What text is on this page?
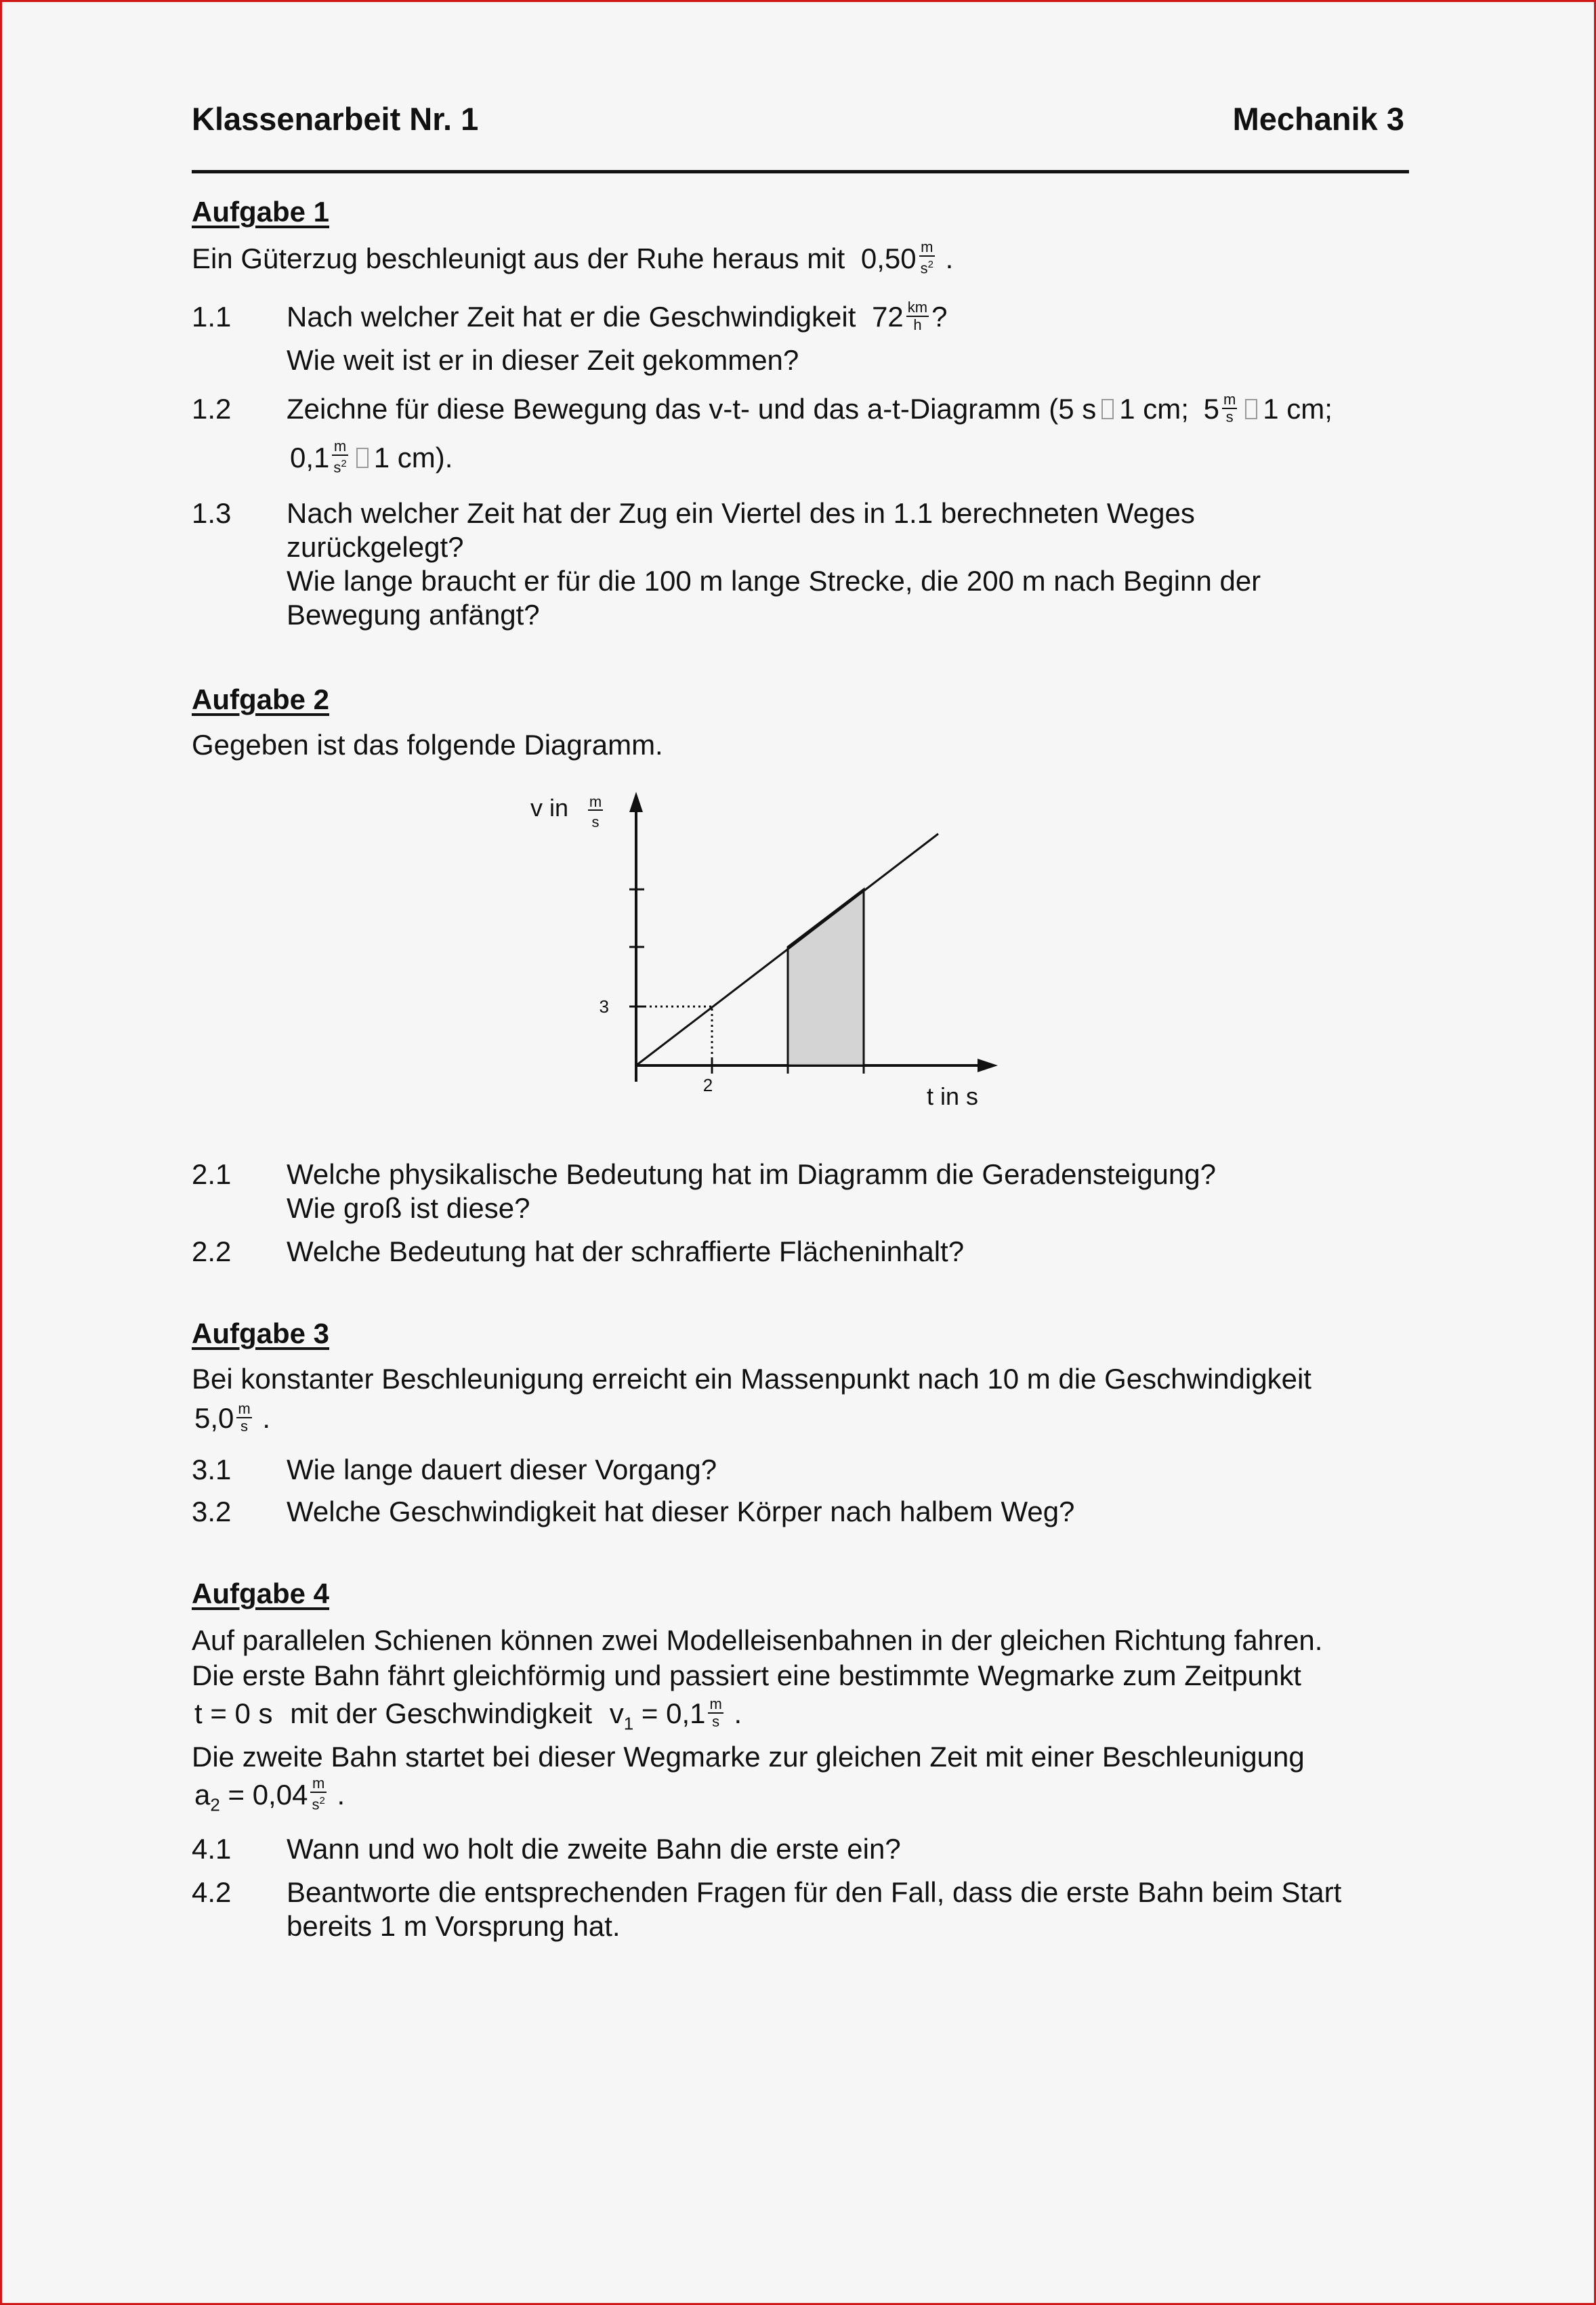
Klassenarbeit Nr. 1	Mechanik 3
Aufgabe 1
Ein Güterzug beschleunigt aus der Ruhe heraus mit $0,50 \frac{m}{s^2}$ .
1.1 Nach welcher Zeit hat er die Geschwindigkeit $72 \frac{km}{h}$ ?
Wie weit ist er in dieser Zeit gekommen?
1.2 Zeichne für diese Bewegung das v-t- und das a-t-Diagramm (5 s 1 cm; $5 \frac{m}{s} 1$ cm;
$0,1 \frac{m}{s^2} 1$ cm).
1.3 Nach welcher Zeit hat der Zug ein Viertel des in 1.1 berechneten Weges
zurückgelegt?
Wie lange braucht er für die 100 m lange Strecke, die 200 m nach Beginn der
Bewegung anfängt?
Aufgabe 2
Gegeben ist das folgende Diagramm.
v in m
s
3
2	t in s
2.1 Welche physikalische Bedeutung hat im Diagramm die Geradensteigung?
Wie groß ist diese?
2.2 Welche Bedeutung hat der schraffierte Flächeninhalt?
Aufgabe 3
Bei konstanter Beschleunigung erreicht ein Massenpunkt nach 10 m die Geschwindigkeit
$5,0 \frac{m}{s}$ .
3.1 Wie lange dauert dieser Vorgang?
3.2 Welche Geschwindigkeit hat dieser Körper nach halbem Weg?
Aufgabe 4
Auf parallelen Schienen können zwei Modelleisenbahnen in der gleichen Richtung fahren.
Die erste Bahn fährt gleichförmig und passiert eine bestimmte Wegmarke zum Zeitpunkt
t = 0 s mit der Geschwindigkeit $v_1 = 0,1 \frac{m}{s}$ .
Die zweite Bahn startet bei dieser Wegmarke zur gleichen Zeit mit einer Beschleunigung
$a_2 = 0,04 \frac{m}{s^2}$ .
4.1 Wann und wo holt die zweite Bahn die erste ein?
4.2 Beantworte die entsprechenden Fragen für den Fall, dass die erste Bahn beim Start
bereits 1 m Vorsprung hat.
